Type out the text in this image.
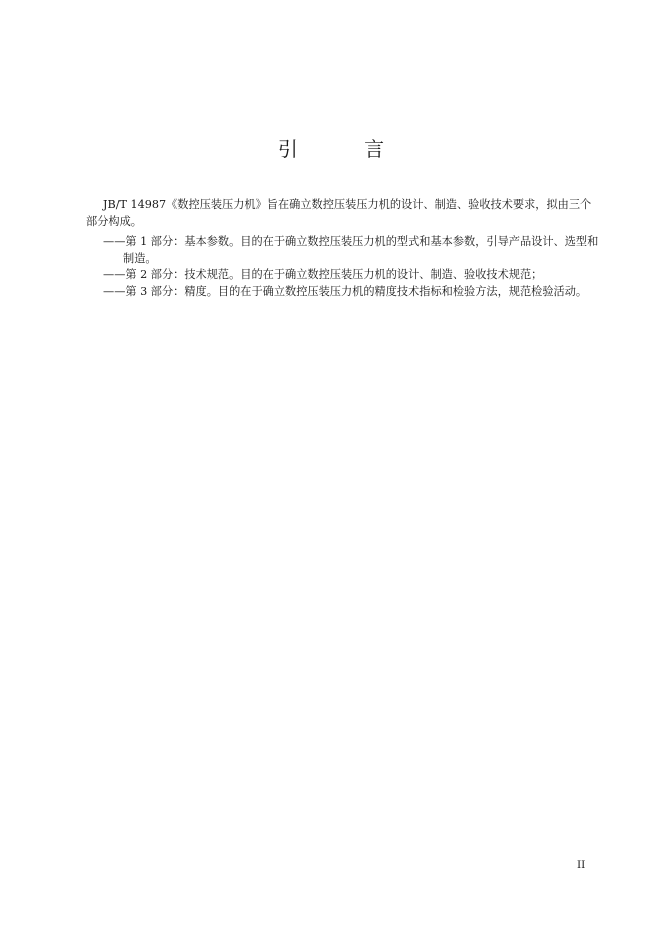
引 言

JB/T 14987《数控压装压力机》旨在确立数控压装压力机的设计、制造、验收技术要求，拟由三个部分构成。

——第 1 部分：基本参数。目的在于确立数控压装压力机的型式和基本参数，引导产品设计、选型和制造。

——第 2 部分：技术规范。目的在于确立数控压装压力机的设计、制造、验收技术规范；

——第 3 部分：精度。目的在于确立数控压装压力机的精度技术指标和检验方法，规范检验活动。

II
